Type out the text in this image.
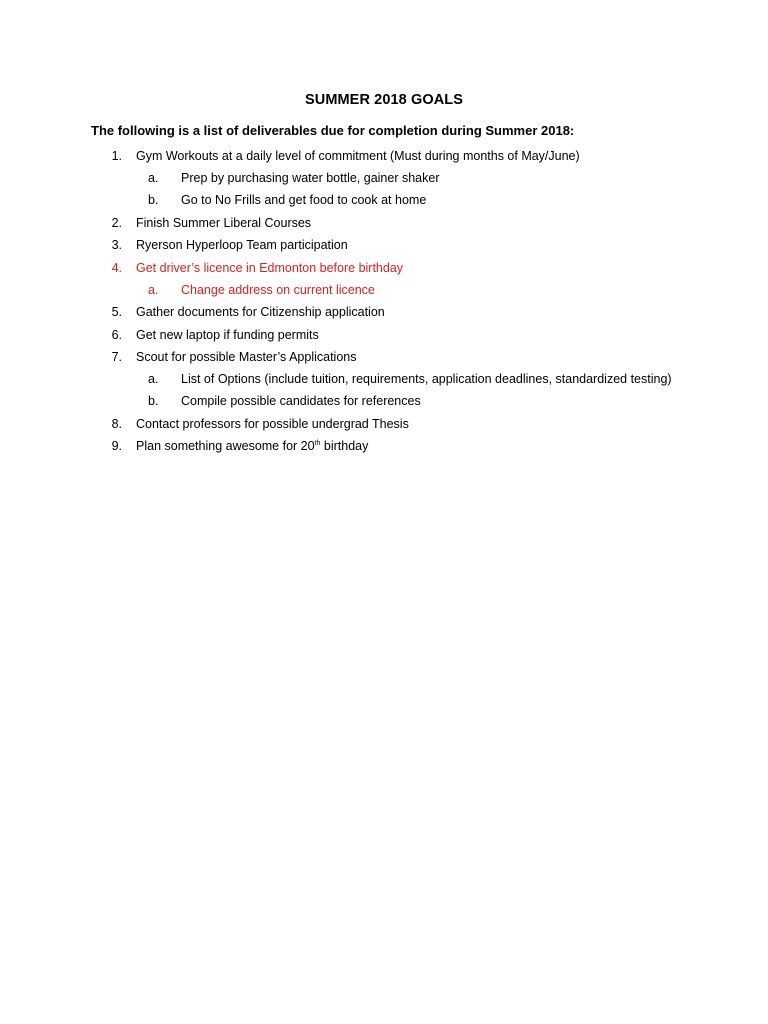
SUMMER 2018 GOALS
The following is a list of deliverables due for completion during Summer 2018:
1. Gym Workouts at a daily level of commitment (Must during months of May/June)
a.	Prep by purchasing water bottle, gainer shaker
b.	Go to No Frills and get food to cook at home
2. Finish Summer Liberal Courses
3. Ryerson Hyperloop Team participation
4. Get driver’s licence in Edmonton before birthday
a.	Change address on current licence
5. Gather documents for Citizenship application
6. Get new laptop if funding permits
7. Scout for possible Master’s Applications
a.	List of Options (include tuition, requirements, application deadlines, standardized testing)
b.	Compile possible candidates for references
8. Contact professors for possible undergrad Thesis
9. Plan something awesome for 20th birthday
